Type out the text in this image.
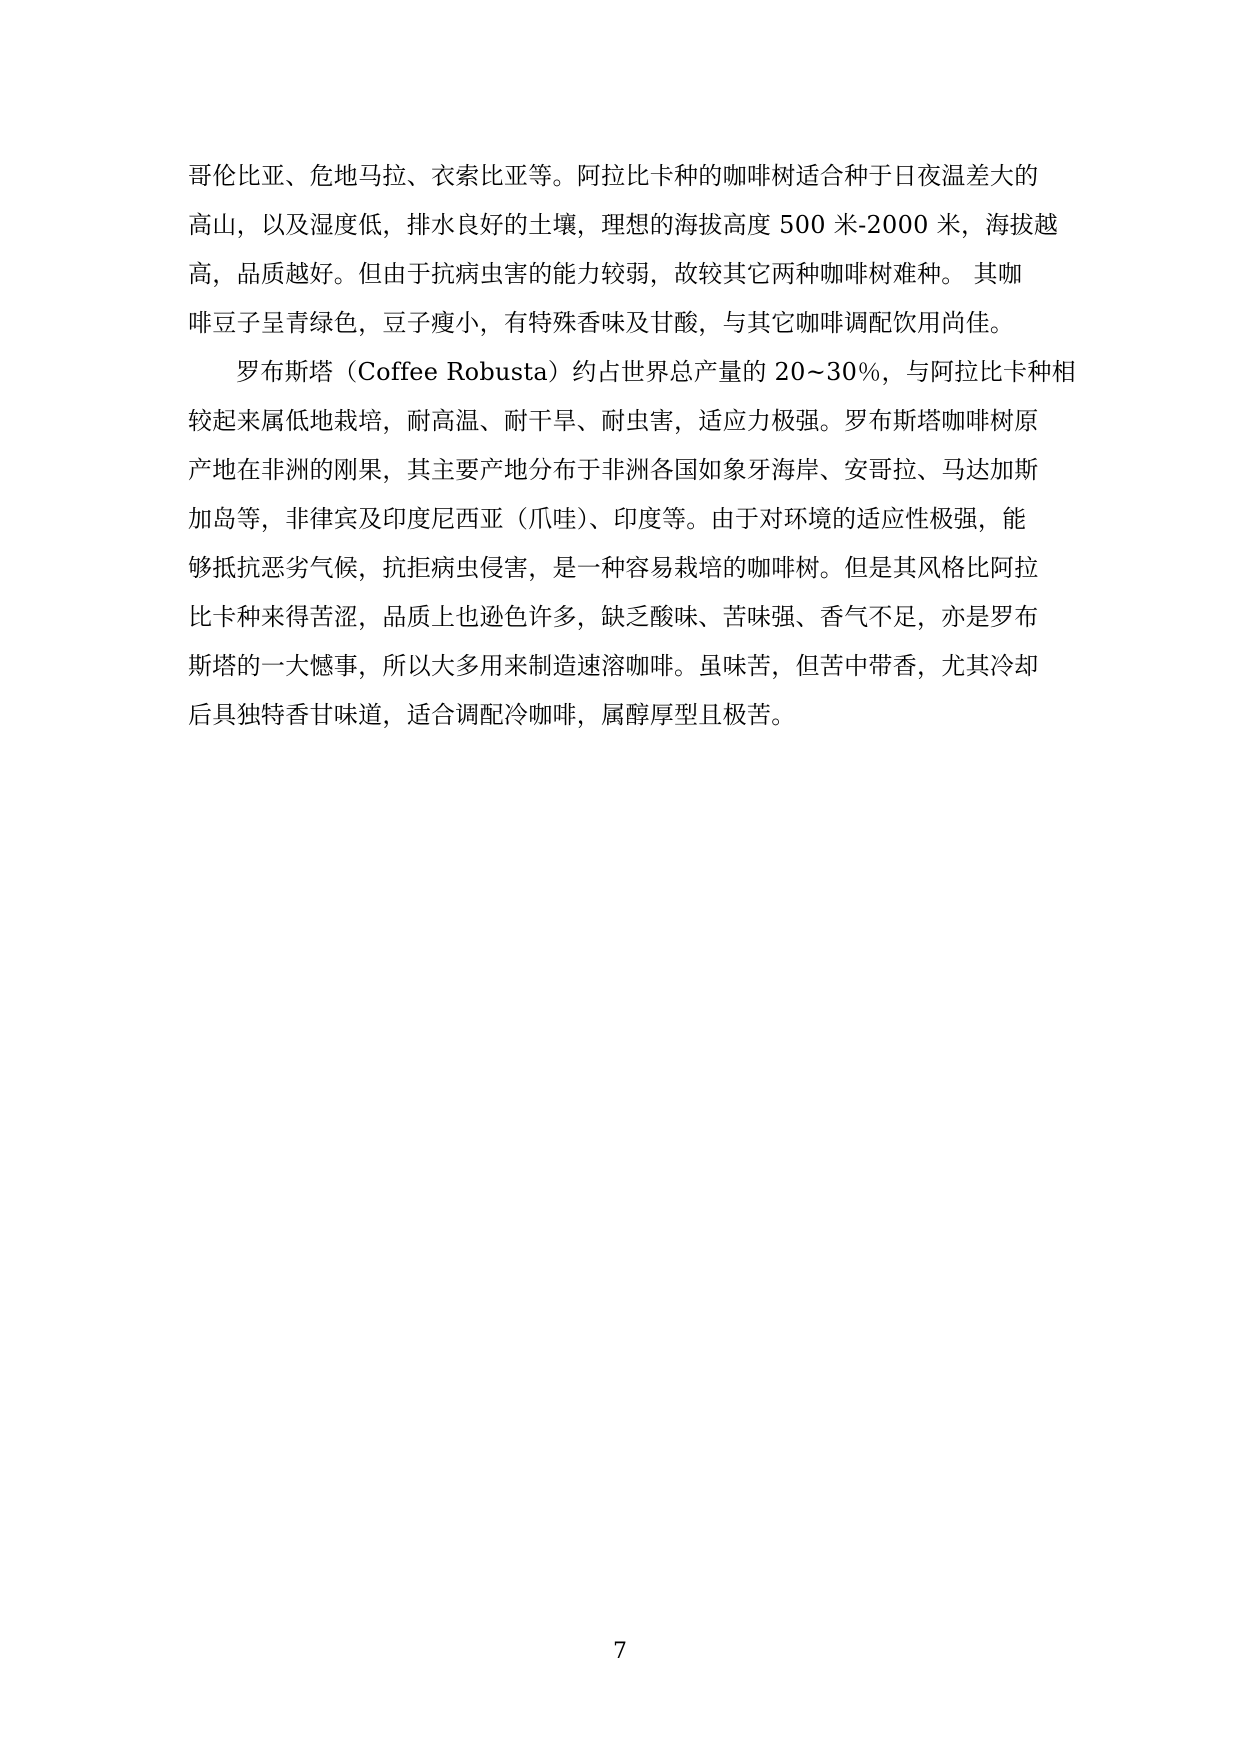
哥伦比亚、危地马拉、衣索比亚等。阿拉比卡种的咖啡树适合种于日夜温差大的
高山，以及湿度低，排水良好的土壤，理想的海拔高度 500 米-2000 米，海拔越
高，品质越好。但由于抗病虫害的能力较弱，故较其它两种咖啡树难种。 其咖
啡豆子呈青绿色，豆子瘦小，有特殊香味及甘酸，与其它咖啡调配饮用尚佳。

罗布斯塔（Coffee Robusta）约占世界总产量的 20~30％，与阿拉比卡种相
较起来属低地栽培，耐高温、耐干旱、耐虫害，适应力极强。罗布斯塔咖啡树原
产地在非洲的刚果，其主要产地分布于非洲各国如象牙海岸、安哥拉、马达加斯
加岛等，非律宾及印度尼西亚（爪哇）、印度等。由于对环境的适应性极强，能
够抵抗恶劣气候，抗拒病虫侵害，是一种容易栽培的咖啡树。但是其风格比阿拉
比卡种来得苦涩，品质上也逊色许多，缺乏酸味、苦味强、香气不足，亦是罗布
斯塔的一大憾事，所以大多用来制造速溶咖啡。虽味苦，但苦中带香，尤其冷却
后具独特香甘味道，适合调配冷咖啡，属醇厚型且极苦。

7
